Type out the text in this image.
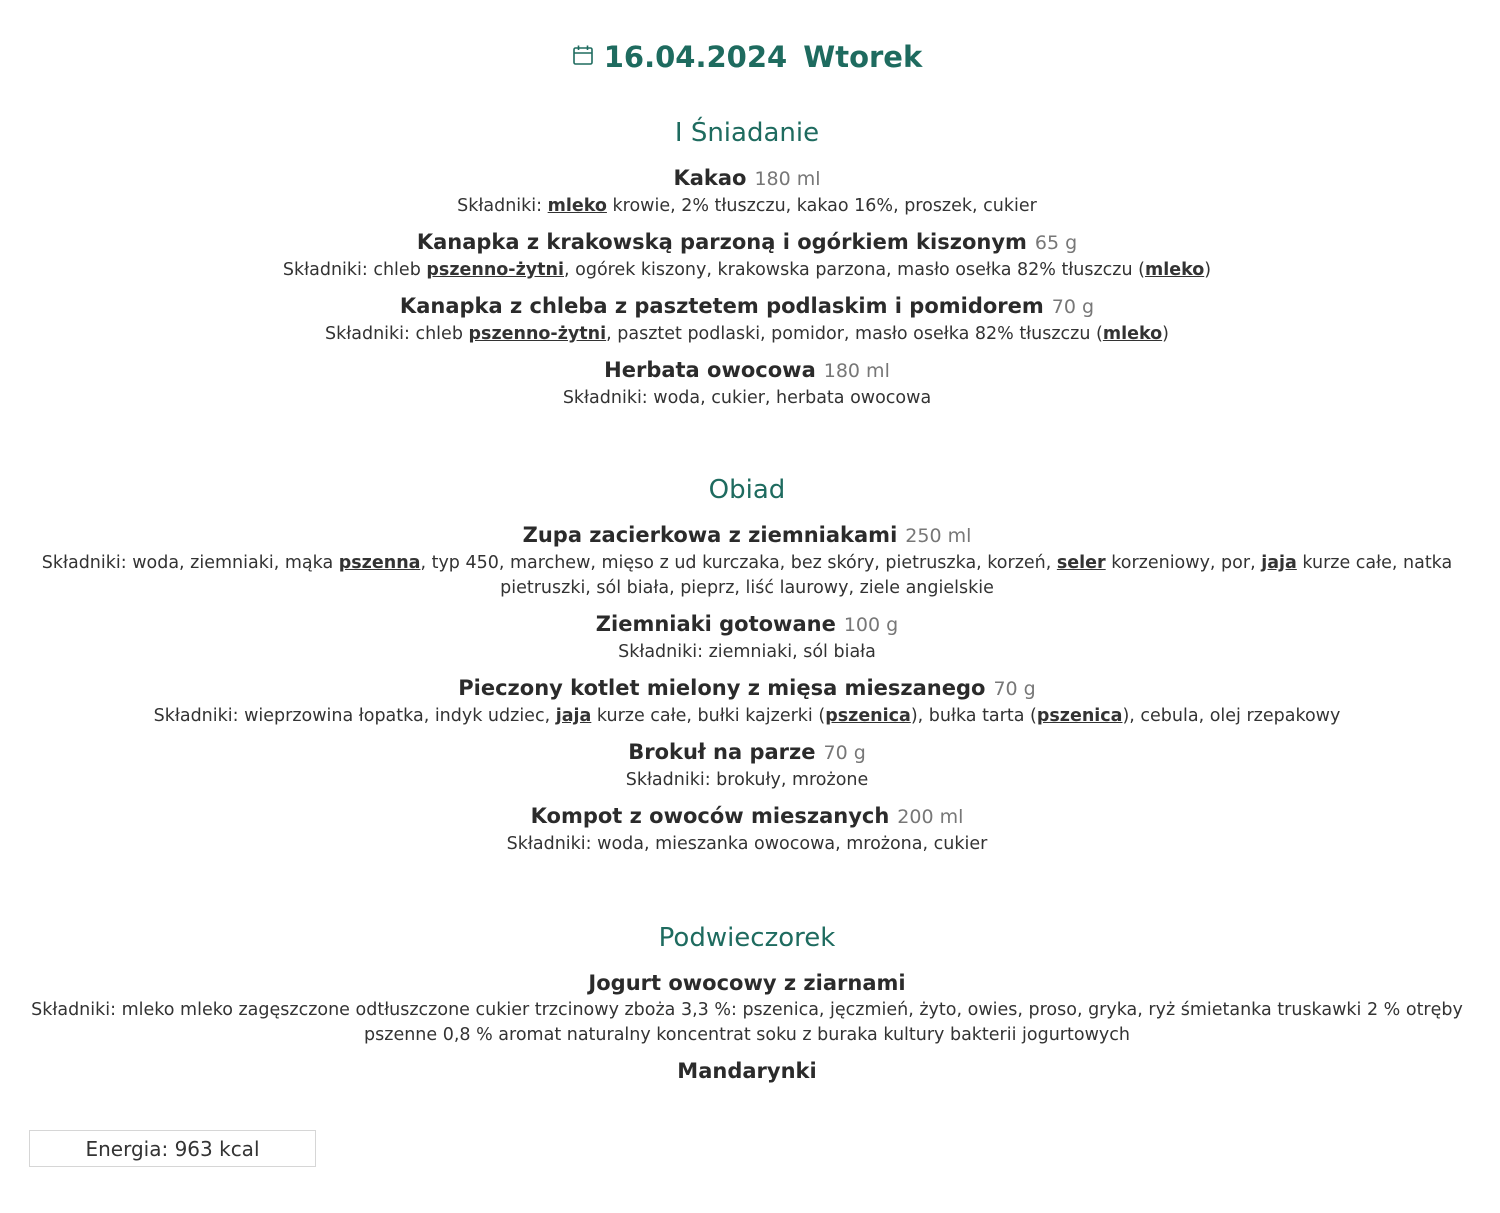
16.04.2024 Wtorek
I Śniadanie
Kakao 180 ml
Składniki: mleko krowie, 2% tłuszczu, kakao 16%, proszek, cukier
Kanapka z krakowską parzoną i ogórkiem kiszonym 65 g
Składniki: chleb pszenno-żytni, ogórek kiszony, krakowska parzona, masło osełka 82% tłuszczu (mleko)
Kanapka z chleba z pasztetem podlaskim i pomidorem 70 g
Składniki: chleb pszenno-żytni, pasztet podlaski, pomidor, masło osełka 82% tłuszczu (mleko)
Herbata owocowa 180 ml
Składniki: woda, cukier, herbata owocowa
Obiad
Zupa zacierkowa z ziemniakami 250 ml
Składniki: woda, ziemniaki, mąka pszenna, typ 450, marchew, mięso z ud kurczaka, bez skóry, pietruszka, korzeń, seler korzeniowy, por, jaja kurze całe, natka pietruszki, sól biała, pieprz, liść laurowy, ziele angielskie
Ziemniaki gotowane 100 g
Składniki: ziemniaki, sól biała
Pieczony kotlet mielony z mięsa mieszanego 70 g
Składniki: wieprzowina łopatka, indyk udziec, jaja kurze całe, bułki kajzerki (pszenica), bułka tarta (pszenica), cebula, olej rzepakowy
Brokuł na parze 70 g
Składniki: brokuły, mrożone
Kompot z owoców mieszanych 200 ml
Składniki: woda, mieszanka owocowa, mrożona, cukier
Podwieczorek
Jogurt owocowy z ziarnami
Składniki: mleko mleko zagęszczone odtłuszczone cukier trzcinowy zboża 3,3 %: pszenica, jęczmień, żyto, owies, proso, gryka, ryż śmietanka truskawki 2 % otręby pszenne 0,8 % aromat naturalny koncentrat soku z buraka kultury bakterii jogurtowych
Mandarynki
Energia: 963 kcal
